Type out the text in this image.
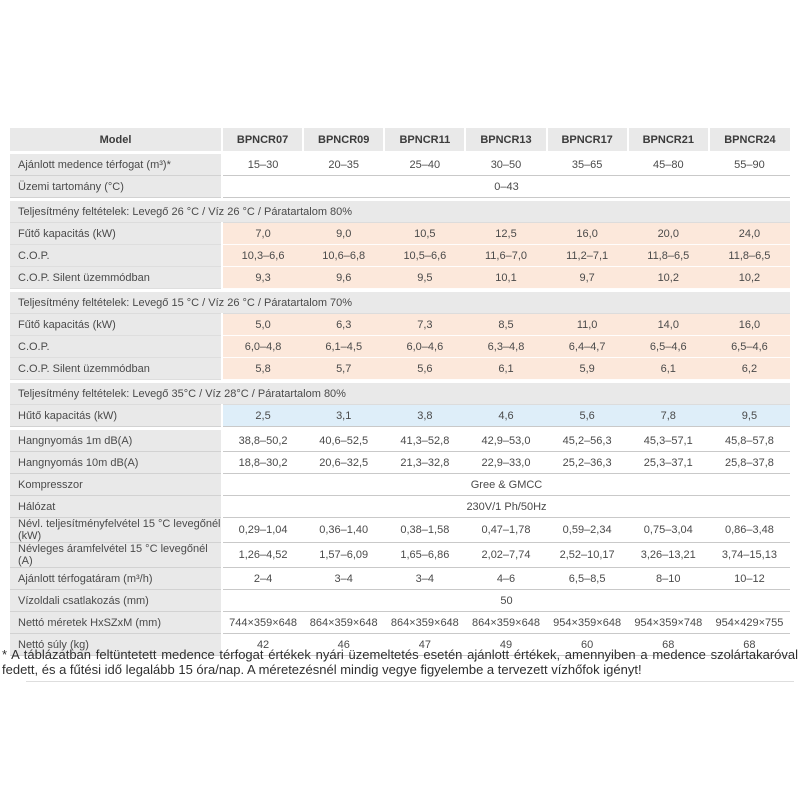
Model	BPNCR07	BPNCR09	BPNCR11	BPNCR13	BPNCR17	BPNCR21	BPNCR24

Ajánlott medence térfogat (m³)*	15–30	20–35	25–40	30–50	35–65	45–80	55–90
Üzemi tartomány (°C)	0–43						

Teljesítmény feltételek: Levegő 26 °C / Víz 26 °C / Páratartalom 80%							
Fűtő kapacitás (kW)	7,0	9,0	10,5	12,5	16,0	20,0	24,0
C.O.P.	10,3–6,6	10,6–6,8	10,5–6,6	11,6–7,0	11,2–7,1	11,8–6,5	11,8–6,5
C.O.P. Silent üzemmódban	9,3	9,6	9,5	10,1	9,7	10,2	10,2

Teljesítmény feltételek: Levegő 15 °C / Víz 26 °C / Páratartalom 70%							
Fűtő kapacitás (kW)	5,0	6,3	7,3	8,5	11,0	14,0	16,0
C.O.P.	6,0–4,8	6,1–4,5	6,0–4,6	6,3–4,8	6,4–4,7	6,5–4,6	6,5–4,6
C.O.P. Silent üzemmódban	5,8	5,7	5,6	6,1	5,9	6,1	6,2

Teljesítmény feltételek: Levegő 35°C / Víz 28°C / Páratartalom 80%							
Hűtő kapacitás (kW)	2,5	3,1	3,8	4,6	5,6	7,8	9,5

Hangnyomás 1m dB(A)	38,8–50,2	40,6–52,5	41,3–52,8	42,9–53,0	45,2–56,3	45,3–57,1	45,8–57,8
Hangnyomás 10m dB(A)	18,8–30,2	20,6–32,5	21,3–32,8	22,9–33,0	25,2–36,3	25,3–37,1	25,8–37,8
Kompresszor	Gree & GMCC						
Hálózat	230V/1 Ph/50Hz						
Névl. teljesítményfelvétel 15 °C levegőnél (kW)	0,29–1,04	0,36–1,40	0,38–1,58	0,47–1,78	0,59–2,34	0,75–3,04	0,86–3,48
Névleges áramfelvétel 15 °C levegőnél (A)	1,26–4,52	1,57–6,09	1,65–6,86	2,02–7,74	2,52–10,17	3,26–13,21	3,74–15,13
Ajánlott térfogatáram (m³/h)	2–4	3–4	3–4	4–6	6,5–8,5	8–10	10–12
Vízoldali csatlakozás (mm)	50						
Nettó méretek HxSZxM (mm)	744×359×648	864×359×648	864×359×648	864×359×648	954×359×648	954×359×748	954×429×755
Nettó súly (kg)	42	46	47	49	60	68	68

* A táblázatban feltüntetett medence térfogat értékek nyári üzemeltetés esetén ajánlott értékek, amennyiben a medence szolártakaróval fedett, és a fűtési idő legalább 15 óra/nap. A méretezésnél mindig vegye figyelembe a tervezett vízhőfok igényt!
